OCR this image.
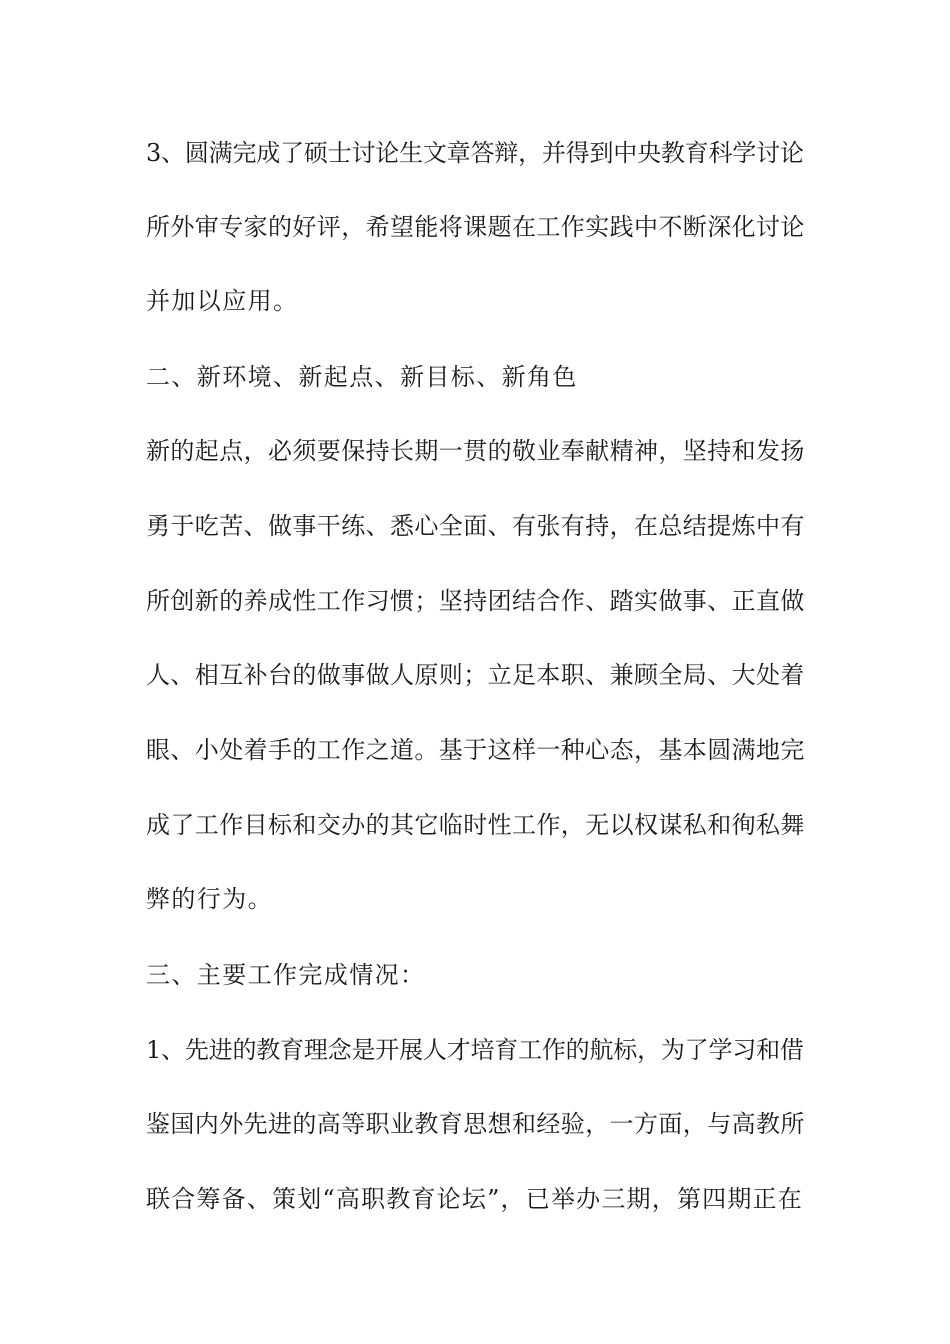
3、圆满完成了硕士讨论生文章答辩，并得到中央教育科学讨论
所外审专家的好评，希望能将课题在工作实践中不断深化讨论
并加以应用。
二、新环境、新起点、新目标、新角色
新的起点，必须要保持长期一贯的敬业奉献精神，坚持和发扬
勇于吃苦、做事干练、悉心全面、有张有持，在总结提炼中有
所创新的养成性工作习惯；坚持团结合作、踏实做事、正直做
人、相互补台的做事做人原则；立足本职、兼顾全局、大处着
眼、小处着手的工作之道。基于这样一种心态，基本圆满地完
成了工作目标和交办的其它临时性工作，无以权谋私和徇私舞
弊的行为。
三、主要工作完成情况：
1、先进的教育理念是开展人才培育工作的航标，为了学习和借
鉴国内外先进的高等职业教育思想和经验，一方面，与高教所
联合筹备、策划“高职教育论坛”，已举办三期，第四期正在
